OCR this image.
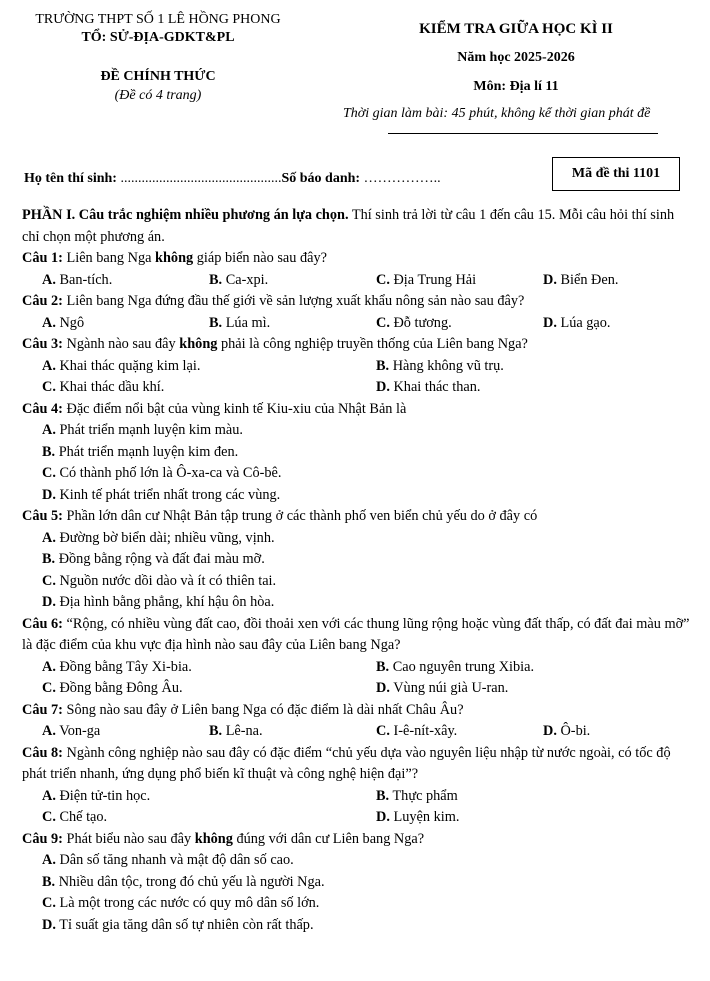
TRƯỜNG THPT SỐ 1 LÊ HỒNG PHONG
TỔ: SỬ-ĐỊA-GDKT&PL
ĐỀ CHÍNH THỨC
(Đề có 4 trang)
KIỂM TRA GIỮA HỌC KÌ II
Năm học 2025-2026
Môn: Địa lí 11
Thời gian làm bài: 45 phút, không kể thời gian phát đề
Họ tên thí sinh: ..............................................Số báo danh: ……………..	Mã đề thi 1101

PHẦN I. Câu trắc nghiệm nhiều phương án lựa chọn. Thí sinh trả lời từ câu 1 đến câu 15. Mỗi câu hỏi thí sinh chỉ chọn một phương án.

Câu 1: Liên bang Nga không giáp biển nào sau đây?
A. Ban-tích.	B. Ca-xpi.	C. Địa Trung Hải	D. Biển Đen.
Câu 2: Liên bang Nga đứng đầu thế giới về sản lượng xuất khẩu nông sản nào sau đây?
A. Ngô	B. Lúa mì.	C. Đỗ tương.	D. Lúa gạo.
Câu 3: Ngành nào sau đây không phải là công nghiệp truyền thống của Liên bang Nga?
A. Khai thác quặng kim lại.	B. Hàng không vũ trụ.
C. Khai thác dầu khí.	D. Khai thác than.
Câu 4: Đặc điểm nổi bật của vùng kinh tế Kiu-xiu của Nhật Bản là
A. Phát triển mạnh luyện kim màu.
B. Phát triển mạnh luyện kim đen.
C. Có thành phố lớn là Ô-xa-ca và Cô-bê.
D. Kinh tế phát triển nhất trong các vùng.
Câu 5: Phần lớn dân cư Nhật Bản tập trung ở các thành phố ven biển chủ yếu do ở đây có
A. Đường bờ biển dài; nhiều vũng, vịnh.
B. Đồng bằng rộng và đất đai màu mỡ.
C. Nguồn nước dồi dào và ít có thiên tai.
D. Địa hình bằng phẳng, khí hậu ôn hòa.
Câu 6: “Rộng, có nhiều vùng đất cao, đồi thoải xen với các thung lũng rộng hoặc vùng đất thấp, có đất đai màu mỡ” là đặc điểm của khu vực địa hình nào sau đây của Liên bang Nga?
A. Đồng bằng Tây Xi-bia.	B. Cao nguyên trung Xibia.
C. Đồng bằng Đông Âu.	D. Vùng núi già U-ran.
Câu 7: Sông nào sau đây ở Liên bang Nga có đặc điểm là dài nhất Châu Âu?
A. Von-ga	B. Lê-na.	C. I-ê-nít-xây.	D. Ô-bi.
Câu 8: Ngành công nghiệp nào sau đây có đặc điểm “chủ yếu dựa vào nguyên liệu nhập từ nước ngoài, có tốc độ phát triển nhanh, ứng dụng phổ biến kĩ thuật và công nghệ hiện đại”?
A. Điện tử-tin học.	B. Thực phẩm
C. Chế tạo.	D. Luyện kim.
Câu 9: Phát biểu nào sau đây không đúng với dân cư Liên bang Nga?
A. Dân số tăng nhanh và mật độ dân số cao.
B. Nhiều dân tộc, trong đó chủ yếu là người Nga.
C. Là một trong các nước có quy mô dân số lớn.
D. Tỉ suất gia tăng dân số tự nhiên còn rất thấp.
